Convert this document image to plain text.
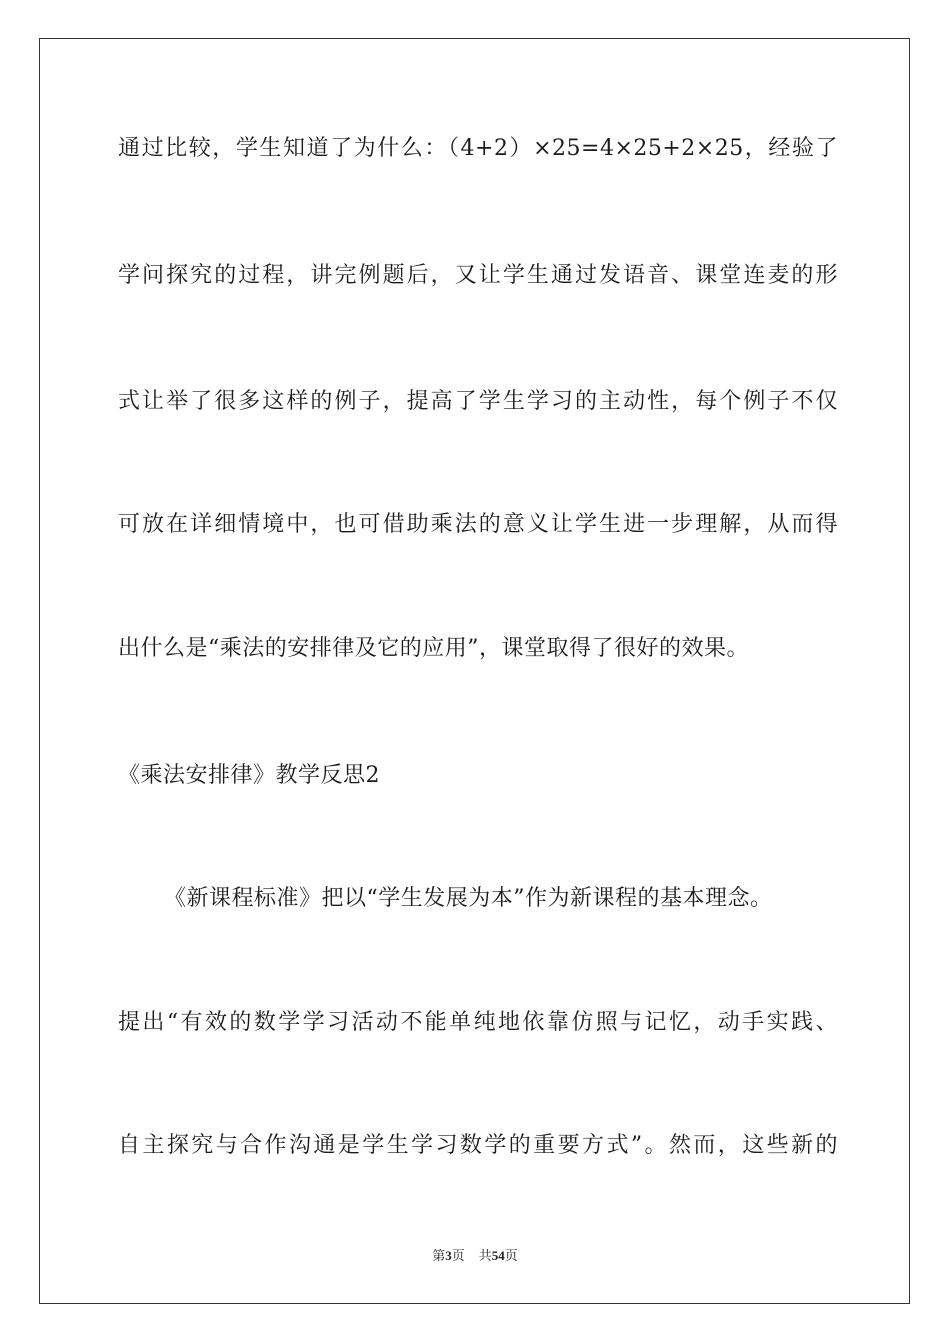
通过比较，学生知道了为什么：（4+2）×25=4×25+2×25，经验了
学问探究的过程，讲完例题后，又让学生通过发语音、课堂连麦的形
式让举了很多这样的例子，提高了学生学习的主动性，每个例子不仅
可放在详细情境中，也可借助乘法的意义让学生进一步理解，从而得
出什么是“乘法的安排律及它的应用”，课堂取得了很好的效果。
《乘法安排律》教学反思2
《新课程标准》把以“学生发展为本”作为新课程的基本理念。
提出“有效的数学学习活动不能单纯地依靠仿照与记忆，动手实践、
自主探究与合作沟通是学生学习数学的重要方式”。然而，这些新的
第3页 共54页
